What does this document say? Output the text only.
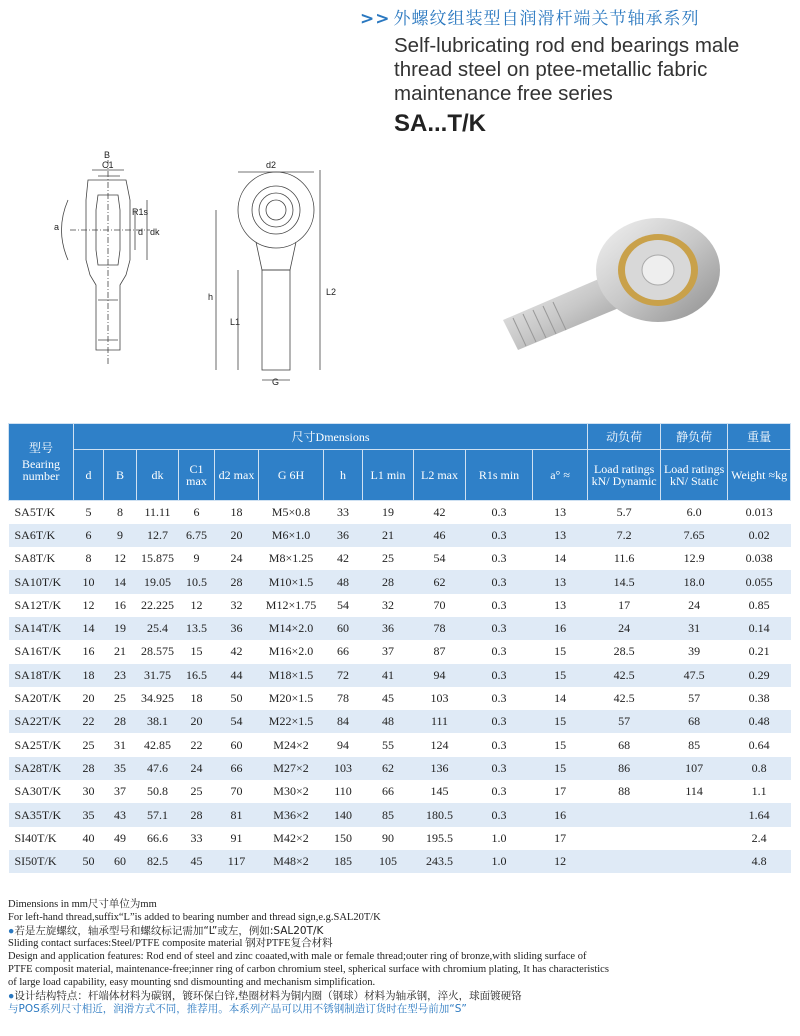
>> 外螺纹组装型自润滑杆端关节轴承系列
Self-lubricating rod end bearings male thread steel on ptee-metallic fabric maintenance free series
SA...T/K
B
C1
R1s
d dk
a
d2
h
L1
L2
G
型号
Bearing number	尺寸Dmensions											动负荷	静负荷	重量
	d	B	dk	C1 max	d2 max	G 6H	h	L1 min	L2 max	R1s min	a° ≈	Load ratings kN/ Dynamic	Load ratings kN/ Static	Weight ≈kg
SA5T/K	5	8	11.11	6	18	M5×0.8	33	19	42	0.3	13	5.7	6.0	0.013
SA6T/K	6	9	12.7	6.75	20	M6×1.0	36	21	46	0.3	13	7.2	7.65	0.02
SA8T/K	8	12	15.875	9	24	M8×1.25	42	25	54	0.3	14	11.6	12.9	0.038
SA10T/K	10	14	19.05	10.5	28	M10×1.5	48	28	62	0.3	13	14.5	18.0	0.055
SA12T/K	12	16	22.225	12	32	M12×1.75	54	32	70	0.3	13	17	24	0.85
SA14T/K	14	19	25.4	13.5	36	M14×2.0	60	36	78	0.3	16	24	31	0.14
SA16T/K	16	21	28.575	15	42	M16×2.0	66	37	87	0.3	15	28.5	39	0.21
SA18T/K	18	23	31.75	16.5	44	M18×1.5	72	41	94	0.3	15	42.5	47.5	0.29
SA20T/K	20	25	34.925	18	50	M20×1.5	78	45	103	0.3	14	42.5	57	0.38
SA22T/K	22	28	38.1	20	54	M22×1.5	84	48	111	0.3	15	57	68	0.48
SA25T/K	25	31	42.85	22	60	M24×2	94	55	124	0.3	15	68	85	0.64
SA28T/K	28	35	47.6	24	66	M27×2	103	62	136	0.3	15	86	107	0.8
SA30T/K	30	37	50.8	25	70	M30×2	110	66	145	0.3	17	88	114	1.1
SA35T/K	35	43	57.1	28	81	M36×2	140	85	180.5	0.3	16			1.64
SI40T/K	40	49	66.6	33	91	M42×2	150	90	195.5	1.0	17			2.4
SI50T/K	50	60	82.5	45	117	M48×2	185	105	243.5	1.0	12			4.8
Dimensions in mm尺寸单位为mm
For left-hand thread,suffix“L”is added to bearing number and thread sign,e.g.SAL20T/K
●若是左旋螺纹，轴承型号和螺纹标记需加“L”或左，例如:SAL20T/K
Sliding contact surfaces:Steel/PTFE composite material 钢对PTFE复合材料
Design and application features: Rod end of steel and zinc coaated,with male or female thread;outer ring of bronze,with sliding surface of
PTFE composit material, maintenance-free;inner ring of carbon chromium steel, spherical surface with chromium plating, It has characteristics
of large load capability, easy mounting snd dismounting and mechanism simplification.
●设计结构特点：杆端体材料为碳钢，镀环保白锌,垫圈材料为铜内圈（钢球）材料为轴承钢，淬火，球面镀硬铬
与POS系列尺寸相近，润滑方式不同，推荐用。本系列产品可以用不锈钢制造订货时在型号前加“S”
